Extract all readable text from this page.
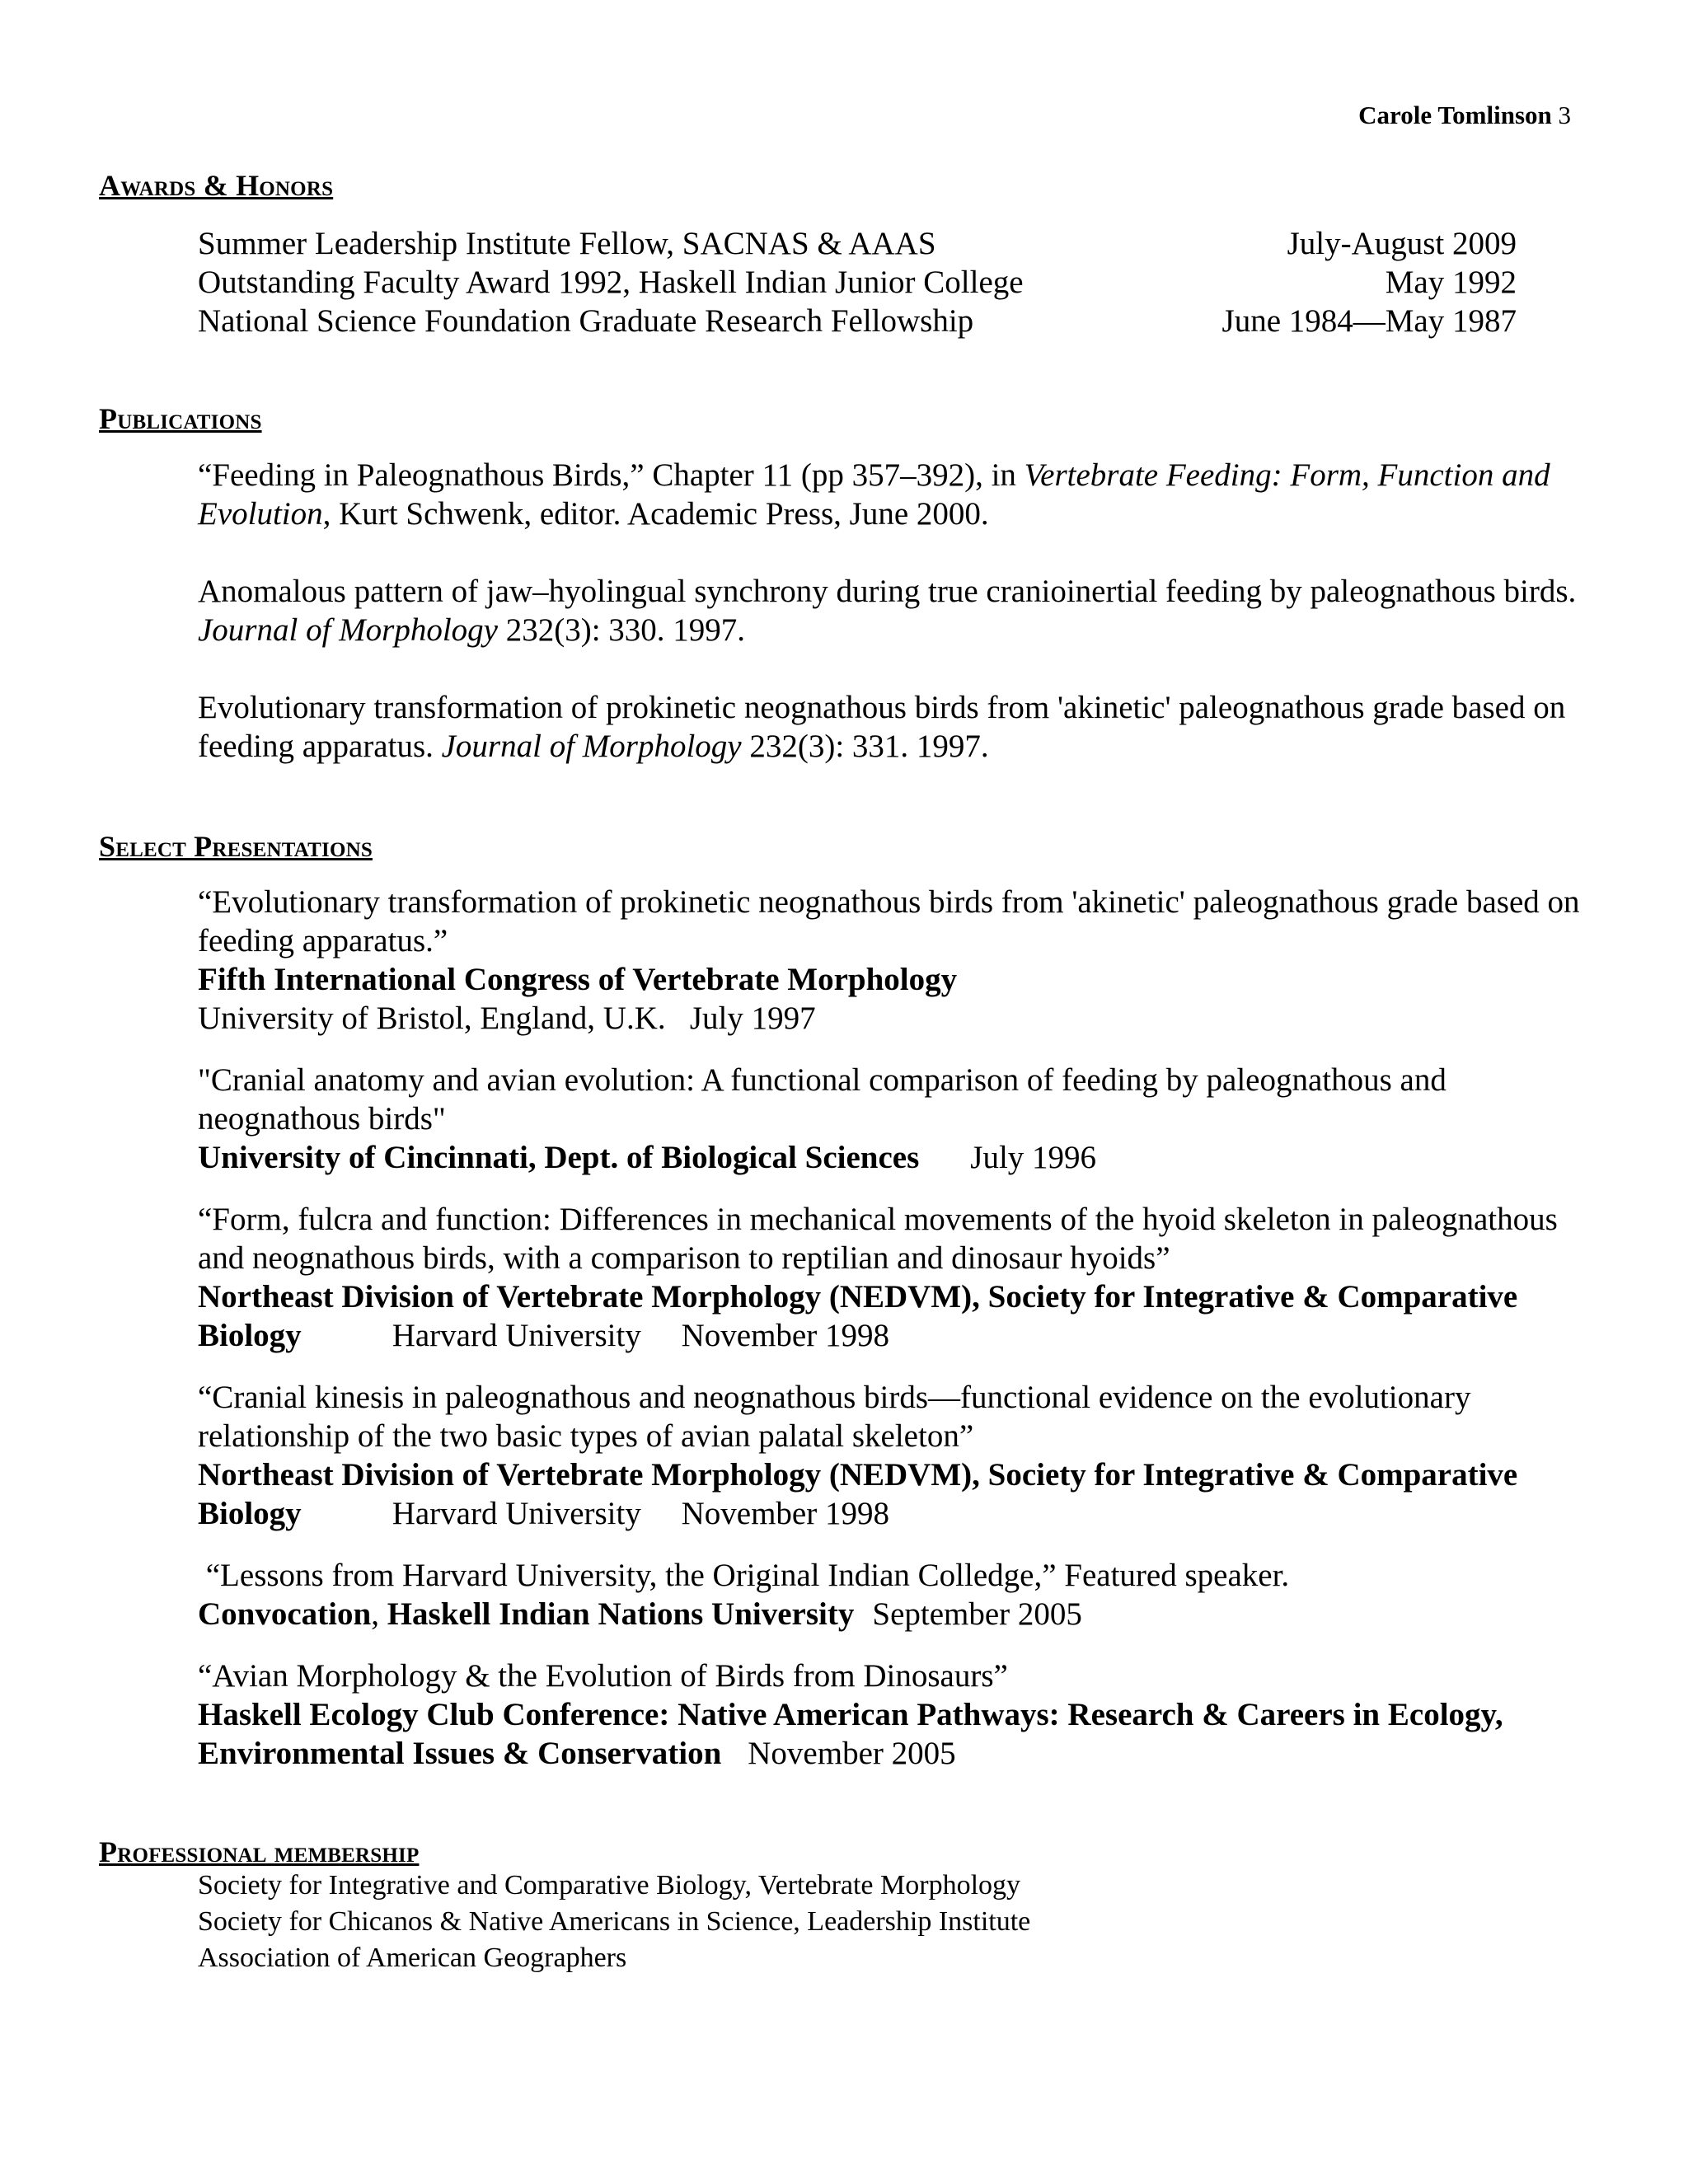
Carole Tomlinson 3
Awards & Honors
Summer Leadership Institute Fellow, SACNAS & AAAS	July-August 2009
Outstanding Faculty Award 1992, Haskell Indian Junior College	May 1992
National Science Foundation Graduate Research Fellowship	June 1984—May 1987
Publications

“Feeding in Paleognathous Birds,” Chapter 11 (pp 357–392), in Vertebrate Feeding: Form, Function and Evolution, Kurt Schwenk, editor. Academic Press, June 2000.

Anomalous pattern of jaw–hyolingual synchrony during true cranioinertial feeding by paleognathous birds. Journal of Morphology 232(3): 330. 1997.

Evolutionary transformation of prokinetic neognathous birds from 'akinetic' paleognathous grade based on feeding apparatus. Journal of Morphology 232(3): 331. 1997.

Select Presentations
“Evolutionary transformation of prokinetic neognathous birds from 'akinetic' paleognathous grade based on feeding apparatus.”
Fifth International Congress of Vertebrate Morphology
University of Bristol, England, U.K.   July 1997
"Cranial anatomy and avian evolution: A functional comparison of feeding by paleognathous and neognathous birds"
University of Cincinnati, Dept. of Biological Sciences July 1996
“Form, fulcra and function: Differences in mechanical movements of the hyoid skeleton in paleognathous and neognathous birds, with a comparison to reptilian and dinosaur hyoids”
Northeast Division of Vertebrate Morphology (NEDVM), Society for Integrative & Comparative Biology	Harvard University     November 1998
“Cranial kinesis in paleognathous and neognathous birds—functional evidence on the evolutionary relationship of the two basic types of avian palatal skeleton”
Northeast Division of Vertebrate Morphology (NEDVM), Society for Integrative & Comparative Biology	Harvard University     November 1998
“Lessons from Harvard University, the Original Indian Colledge,” Featured speaker.
Convocation, Haskell Indian Nations University September 2005
“Avian Morphology & the Evolution of Birds from Dinosaurs”
Haskell Ecology Club Conference: Native American Pathways: Research & Careers in Ecology, Environmental Issues & Conservation November 2005
Professional membership
Society for Integrative and Comparative Biology, Vertebrate Morphology
Society for Chicanos & Native Americans in Science, Leadership Institute
Association of American Geographers
